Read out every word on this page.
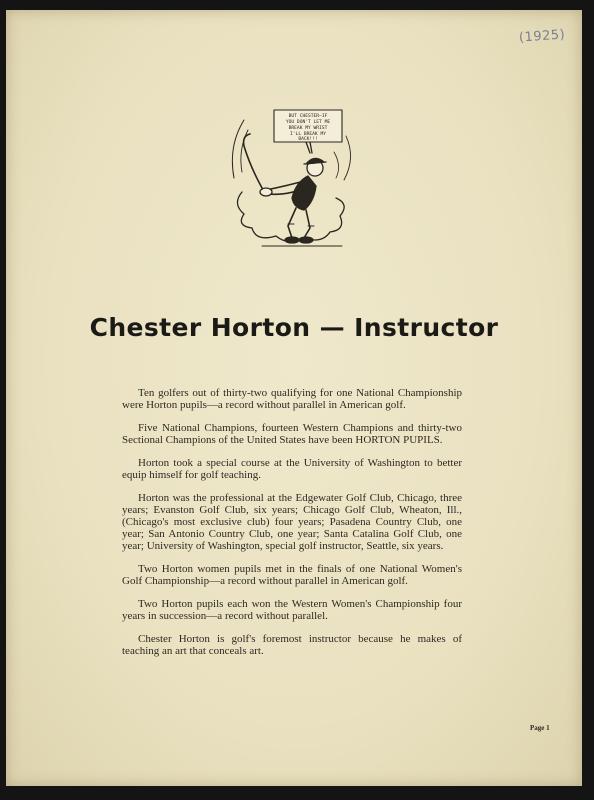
(1925)
BUT CHESTER—IF
YOU DON'T LET ME
BREAK MY WRIST
I'LL BREAK MY
BACK!!!
Chester Horton — Instructor

Ten golfers out of thirty-two qualifying for one National Championship were Horton pupils—a record without parallel in American golf.

Five National Champions, fourteen Western Champions and thirty-two Sectional Champions of the United States have been HORTON PUPILS.

Horton took a special course at the University of Washington to better equip himself for golf teaching.

Horton was the professional at the Edgewater Golf Club, Chicago, three years; Evanston Golf Club, six years; Chicago Golf Club, Wheaton, Ill., (Chicago's most exclusive club) four years; Pasadena Country Club, one year; San Antonio Country Club, one year; Santa Catalina Golf Club, one year; University of Washington, special golf instructor, Seattle, six years.

Two Horton women pupils met in the finals of one National Women's Golf Championship—a record without parallel in American golf.

Two Horton pupils each won the Western Women's Championship four years in succession—a record without parallel.

Chester Horton is golf's foremost instructor because he makes of teaching an art that conceals art.

Page 1
